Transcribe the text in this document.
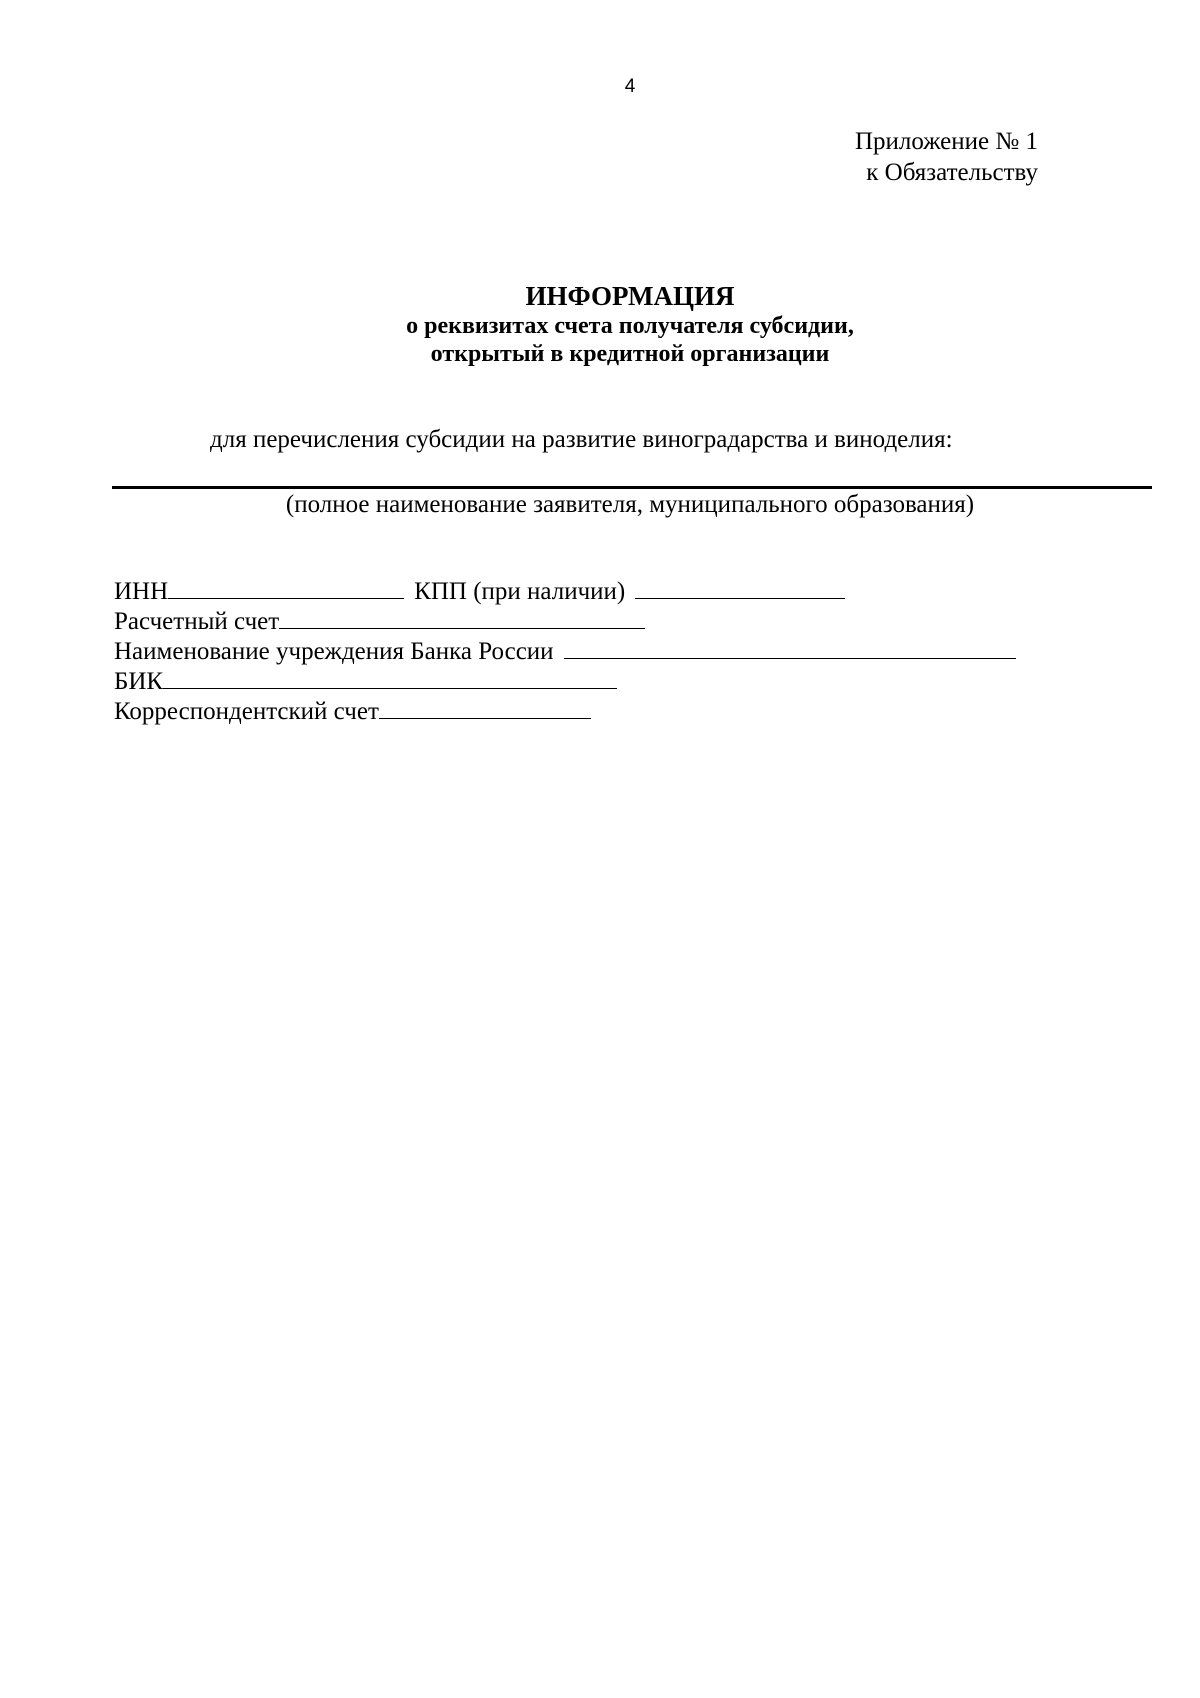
4
Приложение № 1
к Обязательству
ИНФОРМАЦИЯ
о реквизитах счета получателя субсидии,
открытый в кредитной организации
для перечисления субсидии на развитие виноградарства и виноделия:
(полное наименование заявителя, муниципального образования)
ИНН	КПП (при наличии)
Расчетный счет
Наименование учреждения Банка России
БИК
Корреспондентский счет
